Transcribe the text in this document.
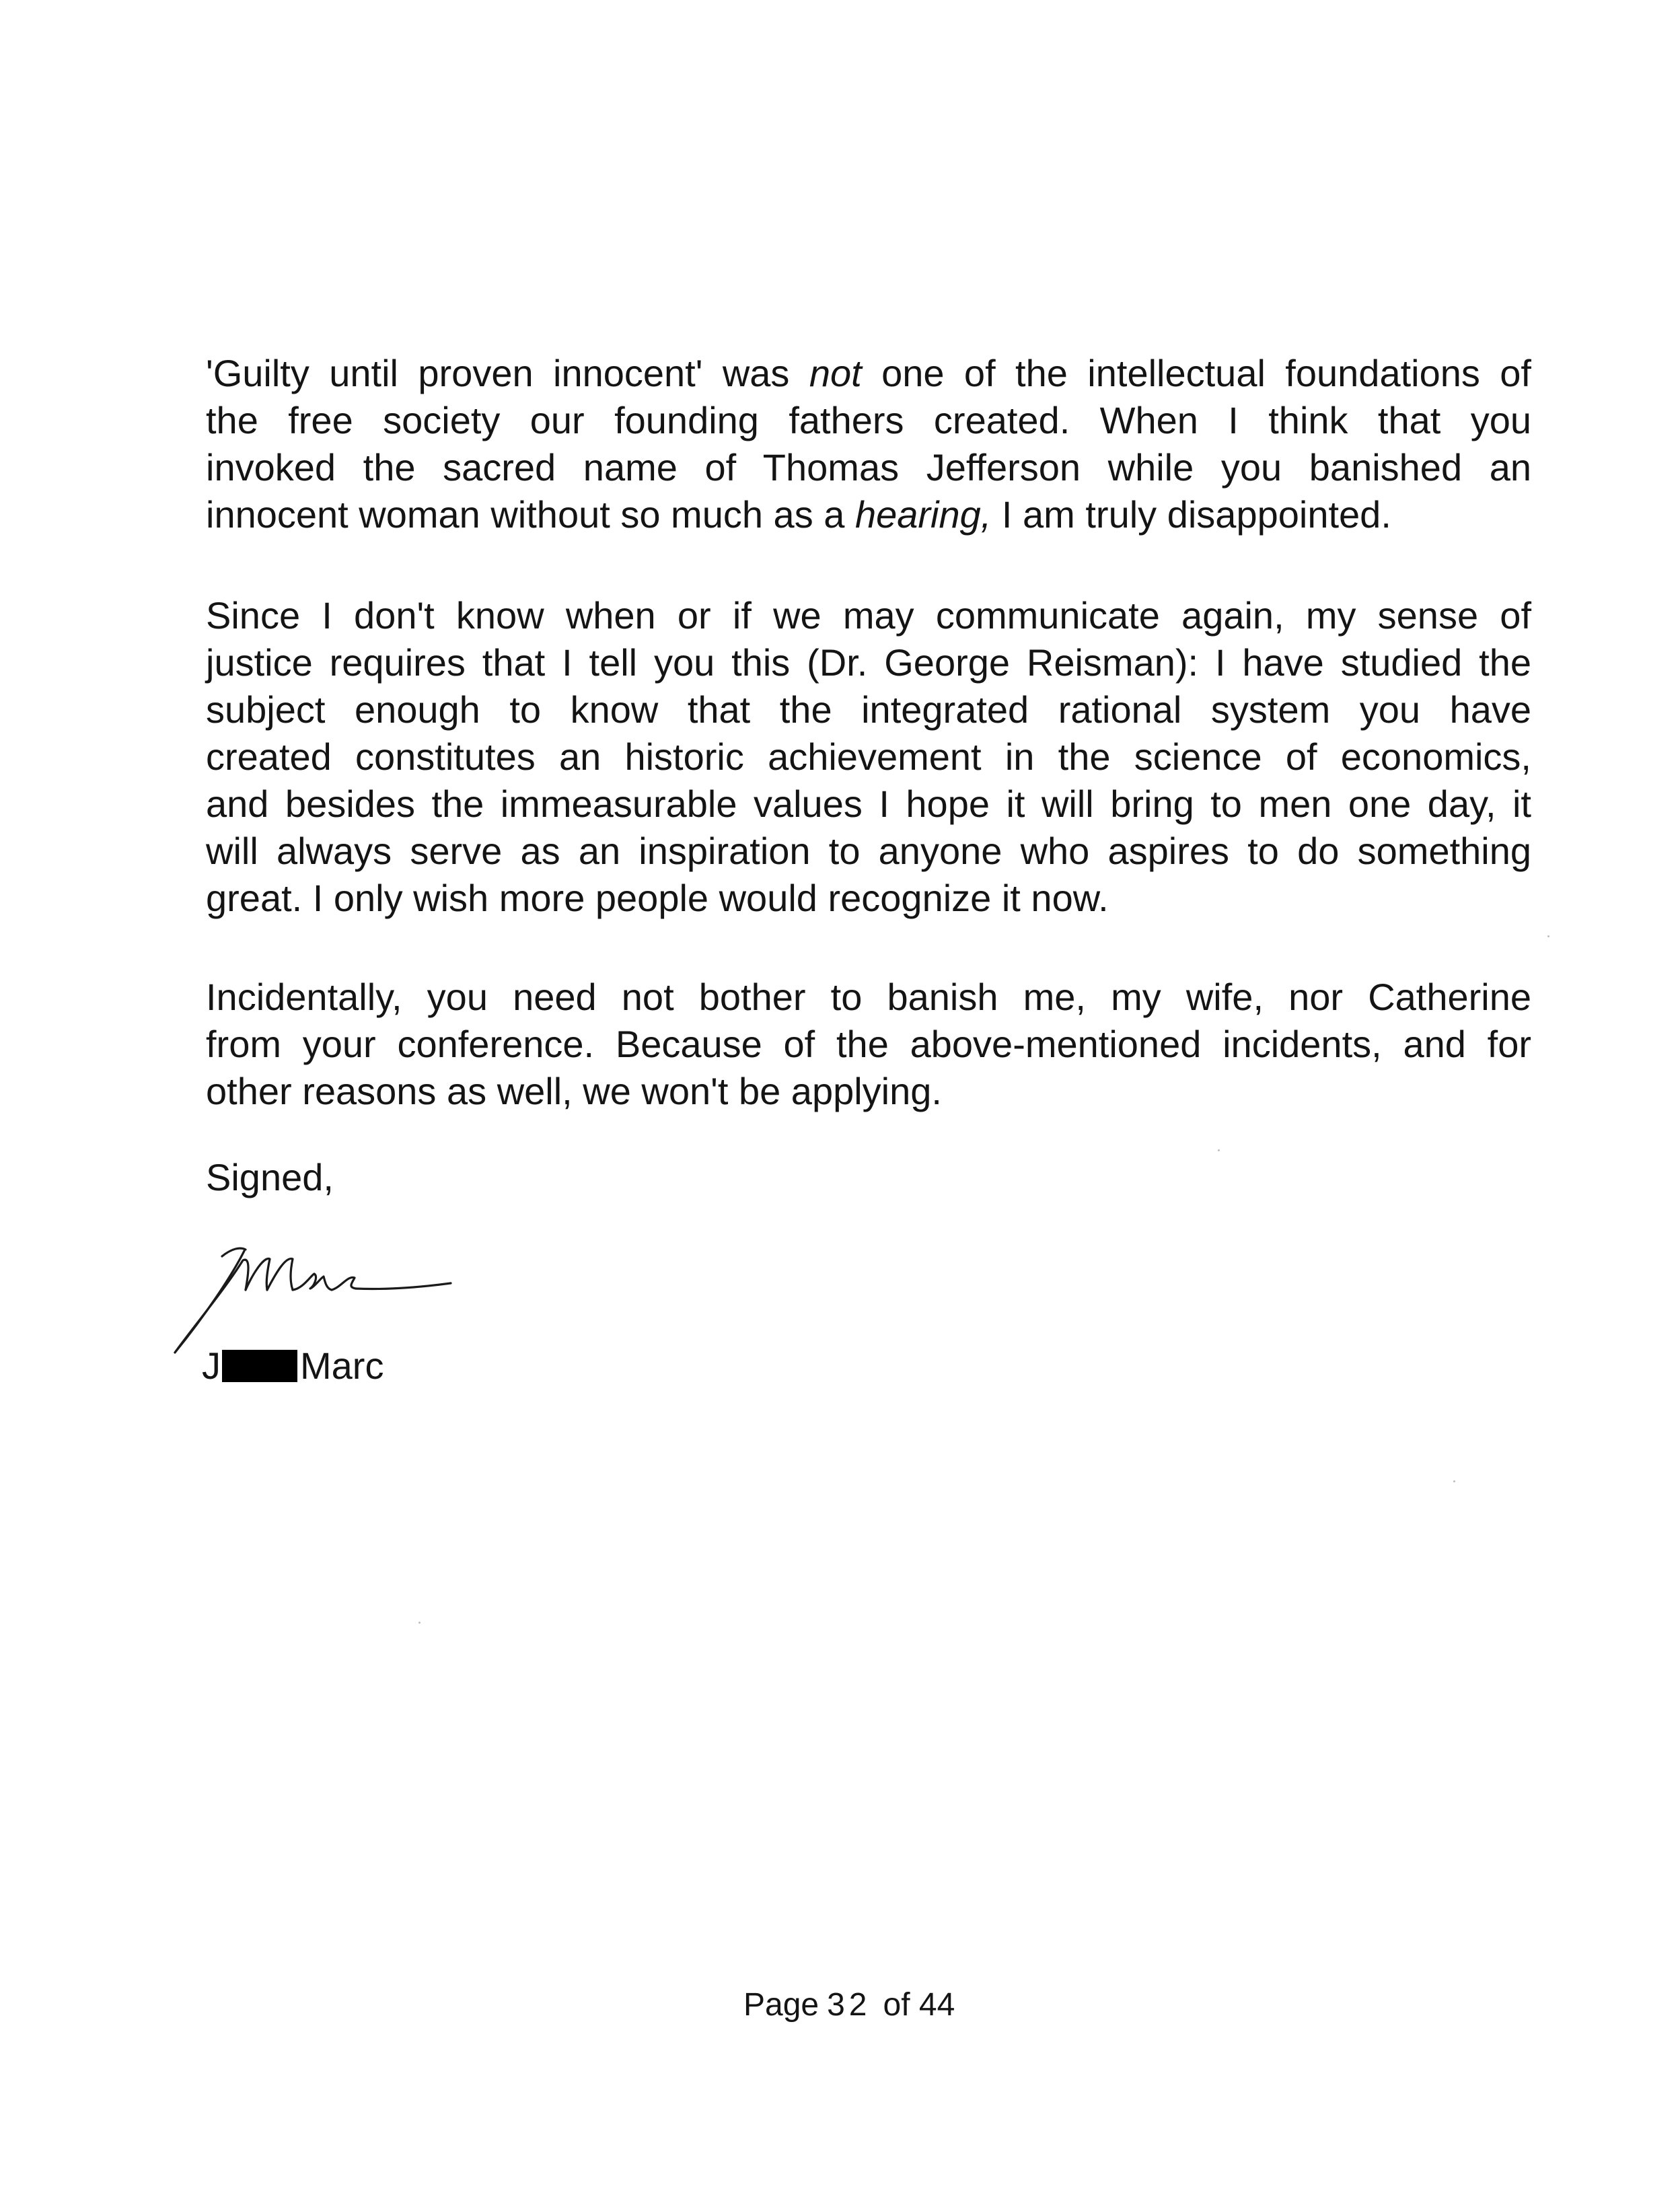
'Guilty until proven innocent' was not one of the intellectual foundations of
the free society our founding fathers created. When I think that you
invoked the sacred name of Thomas Jefferson while you banished an
innocent woman without so much as a hearing, I am truly disappointed.

Since I don't know when or if we may communicate again, my sense of
justice requires that I tell you this (Dr. George Reisman): I have studied the
subject enough to know that the integrated rational system you have
created constitutes an historic achievement in the science of economics,
and besides the immeasurable values I hope it will bring to men one day, it
will always serve as an inspiration to anyone who aspires to do something
great. I only wish more people would recognize it now.

Incidentally, you need not bother to banish me, my wife, nor Catherine
from your conference. Because of the above-mentioned incidents, and for
other reasons as well, we won't be applying.

Signed,

J Marc

Page 32 of 44
